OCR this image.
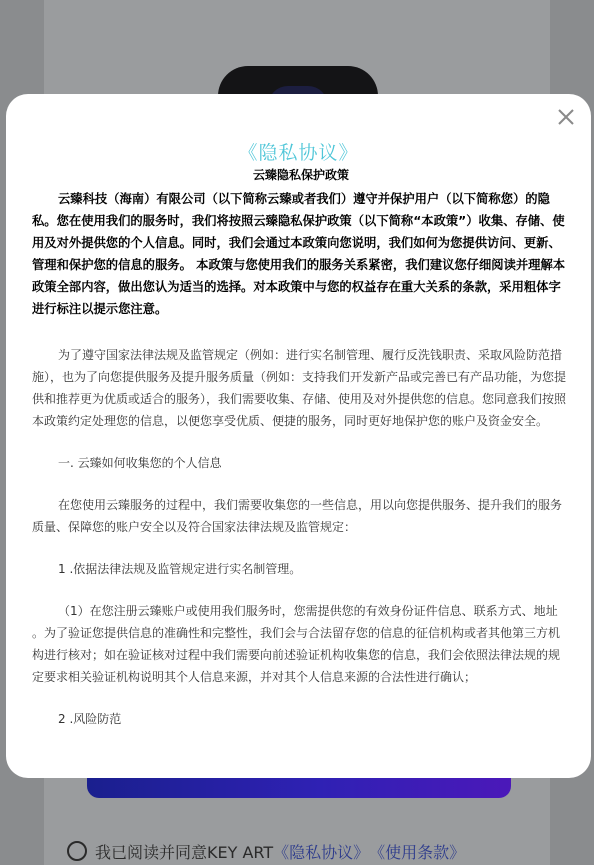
我已阅读并同意KEY ART 《隐私协议》 《使用条款》
《隐私协议》
云臻隐私保护政策

云臻科技（海南）有限公司（以下简称云臻或者我们）遵守并保护用户（以下简称您）的隐私。您在使用我们的服务时，我们将按照云臻隐私保护政策（以下简称“本政策”）收集、存储、使用及对外提供您的个人信息。同时，我们会通过本政策向您说明，我们如何为您提供访问、更新、管理和保护您的信息的服务。 本政策与您使用我们的服务关系紧密，我们建议您仔细阅读并理解本政策全部内容，做出您认为适当的选择。对本政策中与您的权益存在重大关系的条款，采用粗体字进行标注以提示您注意。

为了遵守国家法律法规及监管规定（例如：进行实名制管理、履行反洗钱职责、采取风险防范措施），也为了向您提供服务及提升服务质量（例如：支持我们开发新产品或完善已有产品功能，为您提供和推荐更为优质或适合的服务），我们需要收集、存储、使用及对外提供您的信息。您同意我们按照本政策约定处理您的信息，以便您享受优质、便捷的服务，同时更好地保护您的账户及资金安全。

一. 云臻如何收集您的个人信息

在您使用云臻服务的过程中，我们需要收集您的一些信息，用以向您提供服务、提升我们的服务质量、保障您的账户安全以及符合国家法律法规及监管规定：

1 .依据法律法规及监管规定进行实名制管理。

（1）在您注册云臻账户或使用我们服务时，您需提供您的有效身份证件信息、联系方式、地址 。为了验证您提供信息的准确性和完整性，我们会与合法留存您的信息的征信机构或者其他第三方机构进行核对；如在验证核对过程中我们需要向前述验证机构收集您的信息，我们会依照法律法规的规定要求相关验证机构说明其个人信息来源，并对其个人信息来源的合法性进行确认；

2 .风险防范
